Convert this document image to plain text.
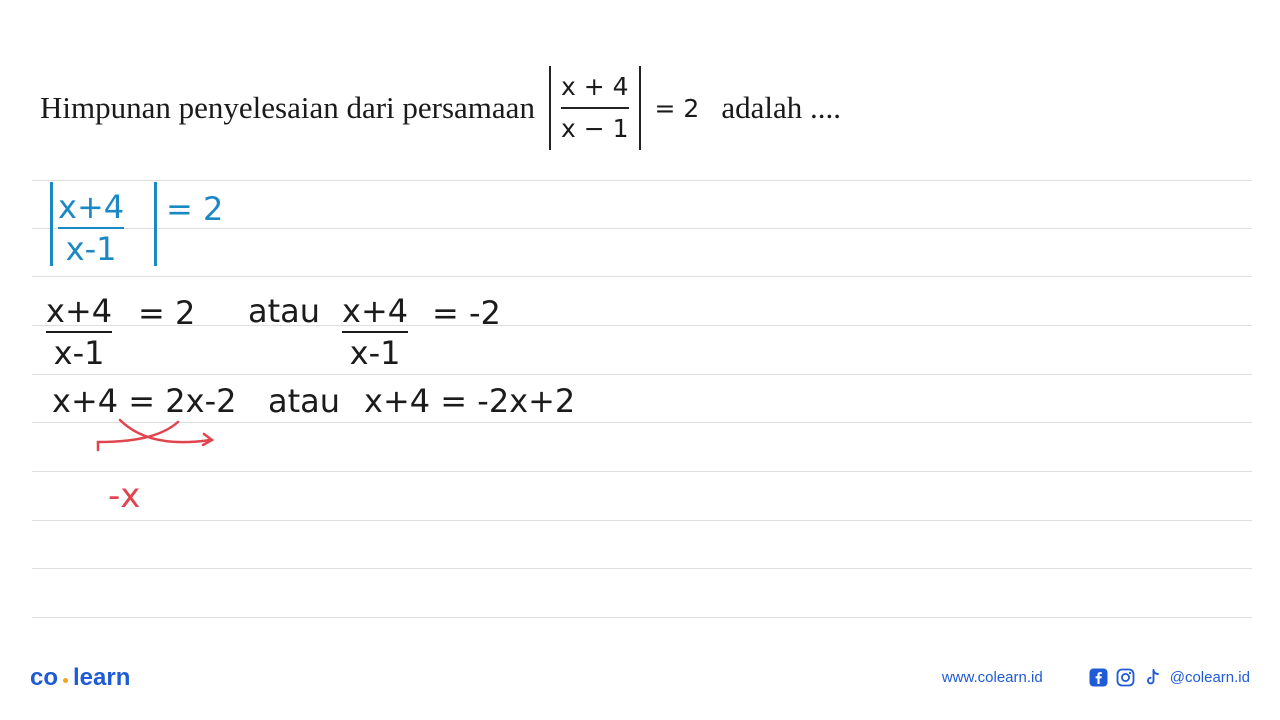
Himpunan penyelesaian dari persamaan $\frac{x + 4}{x - 1} = 2$ adalah ....
x+4
x-1
= 2
x+4
x-1
= 2 atau x+4
x-1
= -2
x+4 = 2x-2 atau x+4 = -2x+2
-x
co learn	www.colearn.id	@colearn.id
